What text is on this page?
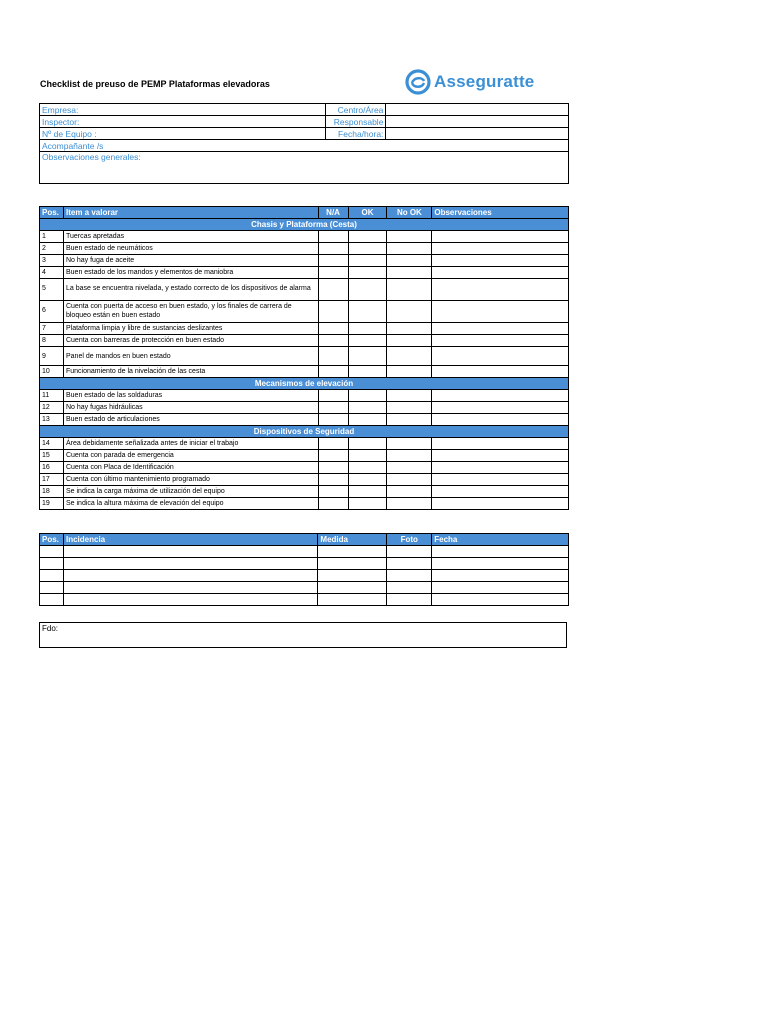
Checklist de preuso de PEMP Plataformas elevadoras	Asseguratte
Empresa:	Centro/Área	
Inspector:	Responsable	
Nº de Equipo :	Fecha/hora:	
Acompañante /s		
Observaciones generales:		
Pos.	Item a valorar	N/A	OK	No OK	Observaciones
Chasis y Plataforma (Cesta)					
1	Tuercas apretadas				
2	Buen estado de neumáticos				
3	No hay fuga de aceite				
4	Buen estado de los mandos y elementos de maniobra				
5	La base se encuentra nivelada, y estado correcto de los dispositivos de alarma				
6	Cuenta con puerta de acceso en buen estado, y los finales de carrera de bloqueo están en buen estado				
7	Plataforma limpia y libre de sustancias deslizantes				
8	Cuenta con barreras de protección en buen estado				
9	Panel de mandos en buen estado				
10	Funcionamiento de la nivelación de las cesta				
Mecanismos de elevación					
11	Buen estado de las soldaduras				
12	No hay fugas hidráulicas				
13	Buen estado de articulaciones				
Dispositivos de Seguridad					
14	Área debidamente señalizada antes de iniciar el trabajo				
15	Cuenta con parada de emergencia				
16	Cuenta con Placa de Identificación				
17	Cuenta con último mantenimiento programado				
18	Se indica la carga máxima de utilización del equipo				
19	Se indica la altura máxima de elevación del equipo				
Pos.	Incidencia	Medida	Foto	Fecha

Fdo:
